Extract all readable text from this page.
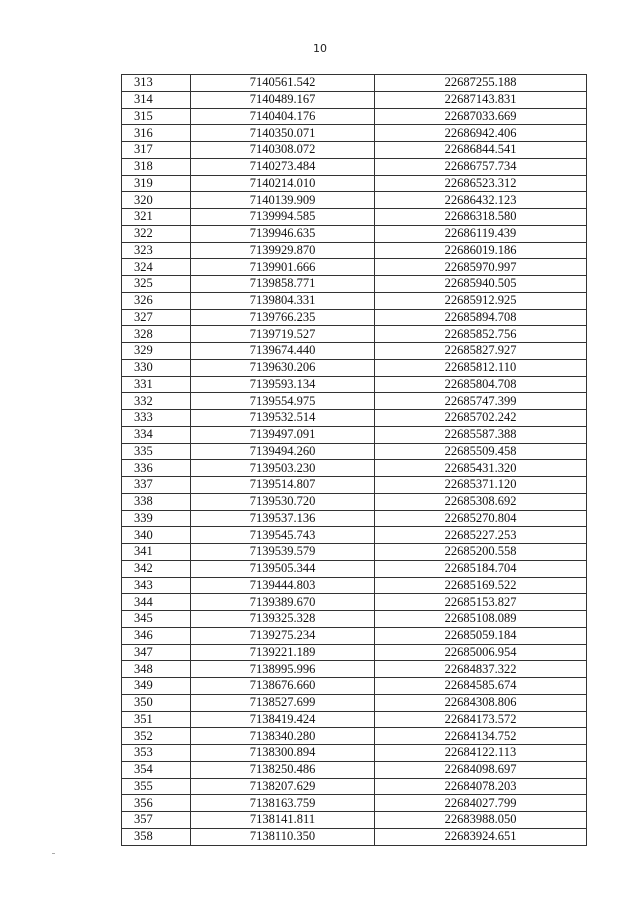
10
313	7140561.542	22687255.188
314	7140489.167	22687143.831
315	7140404.176	22687033.669
316	7140350.071	22686942.406
317	7140308.072	22686844.541
318	7140273.484	22686757.734
319	7140214.010	22686523.312
320	7140139.909	22686432.123
321	7139994.585	22686318.580
322	7139946.635	22686119.439
323	7139929.870	22686019.186
324	7139901.666	22685970.997
325	7139858.771	22685940.505
326	7139804.331	22685912.925
327	7139766.235	22685894.708
328	7139719.527	22685852.756
329	7139674.440	22685827.927
330	7139630.206	22685812.110
331	7139593.134	22685804.708
332	7139554.975	22685747.399
333	7139532.514	22685702.242
334	7139497.091	22685587.388
335	7139494.260	22685509.458
336	7139503.230	22685431.320
337	7139514.807	22685371.120
338	7139530.720	22685308.692
339	7139537.136	22685270.804
340	7139545.743	22685227.253
341	7139539.579	22685200.558
342	7139505.344	22685184.704
343	7139444.803	22685169.522
344	7139389.670	22685153.827
345	7139325.328	22685108.089
346	7139275.234	22685059.184
347	7139221.189	22685006.954
348	7138995.996	22684837.322
349	7138676.660	22684585.674
350	7138527.699	22684308.806
351	7138419.424	22684173.572
352	7138340.280	22684134.752
353	7138300.894	22684122.113
354	7138250.486	22684098.697
355	7138207.629	22684078.203
356	7138163.759	22684027.799
357	7138141.811	22683988.050
358	7138110.350	22683924.651
